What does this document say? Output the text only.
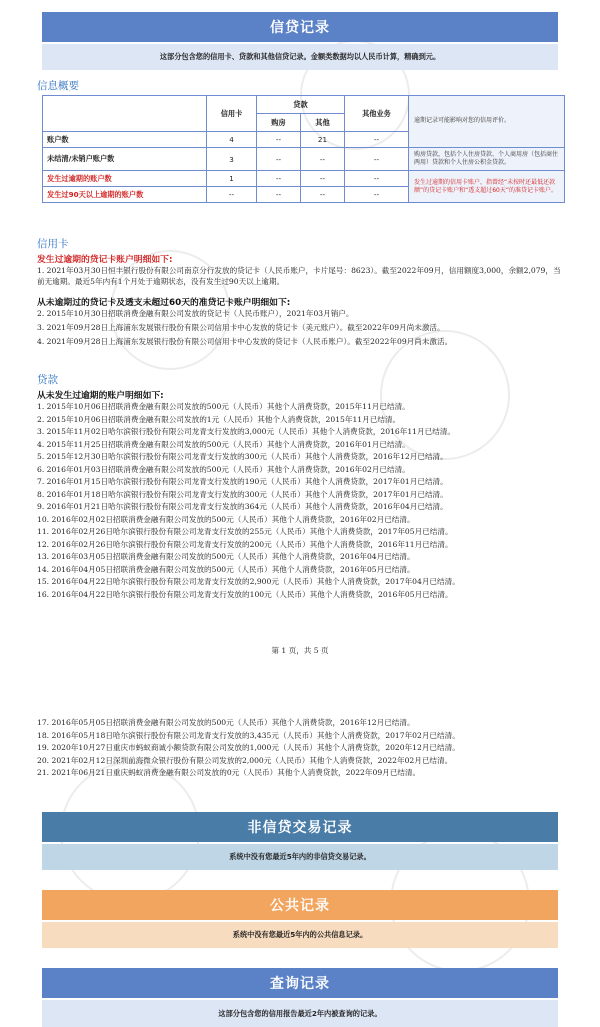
信贷记录
这部分包含您的信用卡、贷款和其他信贷记录。金额类数据均以人民币计算，精确到元。
信息概要
	信用卡	贷款		其他业务	逾期记录可能影响对您的信用评价。
		购房	其他		
账户数	4	--	21	--	
未结清/未销户账户数	3	--	--	--	购房贷款，包括个人住房贷款、个人商用房（包括商住两用）贷款和个人住房公积金贷款。
发生过逾期的账户数	1	--	--	--	发生过逾期的信用卡账户，指曾经“未按时还最低还款额”的贷记卡账户和“透支超过60天”的准贷记卡账户。
发生过90天以上逾期的账户数	--	--	--	--	
信用卡
发生过逾期的贷记卡账户明细如下:
1. 2021年03月30日恒丰银行股份有限公司南京分行发放的贷记卡（人民币账户，卡片尾号：8623）。截至2022年09月，信用额度3,000，余额2,079，当前无逾期。最近5年内有1个月处于逾期状态，没有发生过90天以上逾期。
从未逾期过的贷记卡及透支未超过60天的准贷记卡账户明细如下:
2. 2015年10月30日招联消费金融有限公司发放的贷记卡（人民币账户），2021年03月销户。
3. 2021年09月28日上海浦东发展银行股份有限公司信用卡中心发放的贷记卡（美元账户）。截至2022年09月尚未激活。
4. 2021年09月28日上海浦东发展银行股份有限公司信用卡中心发放的贷记卡（人民币账户）。截至2022年09月尚未激活。
贷款
从未发生过逾期的账户明细如下:
1. 2015年10月06日招联消费金融有限公司发放的500元（人民币）其他个人消费贷款，2015年11月已结清。
2. 2015年10月06日招联消费金融有限公司发放的1元（人民币）其他个人消费贷款，2015年11月已结清。
3. 2015年11月02日哈尔滨银行股份有限公司龙青支行发放的3,000元（人民币）其他个人消费贷款，2016年11月已结清。
4. 2015年11月25日招联消费金融有限公司发放的500元（人民币）其他个人消费贷款，2016年01月已结清。
5. 2015年12月30日哈尔滨银行股份有限公司龙青支行发放的300元（人民币）其他个人消费贷款，2016年12月已结清。
6. 2016年01月03日招联消费金融有限公司发放的500元（人民币）其他个人消费贷款，2016年02月已结清。
7. 2016年01月15日哈尔滨银行股份有限公司龙青支行发放的190元（人民币）其他个人消费贷款，2017年01月已结清。
8. 2016年01月18日哈尔滨银行股份有限公司龙青支行发放的300元（人民币）其他个人消费贷款，2017年01月已结清。
9. 2016年01月21日哈尔滨银行股份有限公司龙青支行发放的364元（人民币）其他个人消费贷款，2016年04月已结清。
10. 2016年02月02日招联消费金融有限公司发放的500元（人民币）其他个人消费贷款，2016年02月已结清。
11. 2016年02月26日哈尔滨银行股份有限公司龙青支行发放的255元（人民币）其他个人消费贷款，2017年05月已结清。
12. 2016年02月26日哈尔滨银行股份有限公司龙青支行发放的200元（人民币）其他个人消费贷款，2016年11月已结清。
13. 2016年03月05日招联消费金融有限公司发放的500元（人民币）其他个人消费贷款，2016年04月已结清。
14. 2016年04月05日招联消费金融有限公司发放的500元（人民币）其他个人消费贷款，2016年05月已结清。
15. 2016年04月22日哈尔滨银行股份有限公司龙青支行发放的2,900元（人民币）其他个人消费贷款，2017年04月已结清。
16. 2016年04月22日哈尔滨银行股份有限公司龙青支行发放的100元（人民币）其他个人消费贷款，2016年05月已结清。
第 1 页，共 5 页
17. 2016年05月05日招联消费金融有限公司发放的500元（人民币）其他个人消费贷款，2016年12月已结清。
18. 2016年05月18日哈尔滨银行股份有限公司龙青支行发放的3,435元（人民币）其他个人消费贷款，2017年02月已结清。
19. 2020年10月27日重庆市蚂蚁商诚小额贷款有限公司发放的1,000元（人民币）其他个人消费贷款，2020年12月已结清。
20. 2021年02月12日深圳前海微众银行股份有限公司发放的2,000元（人民币）其他个人消费贷款，2022年02月已结清。
21. 2021年06月21日重庆蚂蚁消费金融有限公司发放的0元（人民币）其他个人消费贷款，2022年09月已结清。
非信贷交易记录
系统中没有您最近5年内的非信贷交易记录。
公共记录
系统中没有您最近5年内的公共信息记录。
查询记录
这部分包含您的信用报告最近2年内被查询的记录。
